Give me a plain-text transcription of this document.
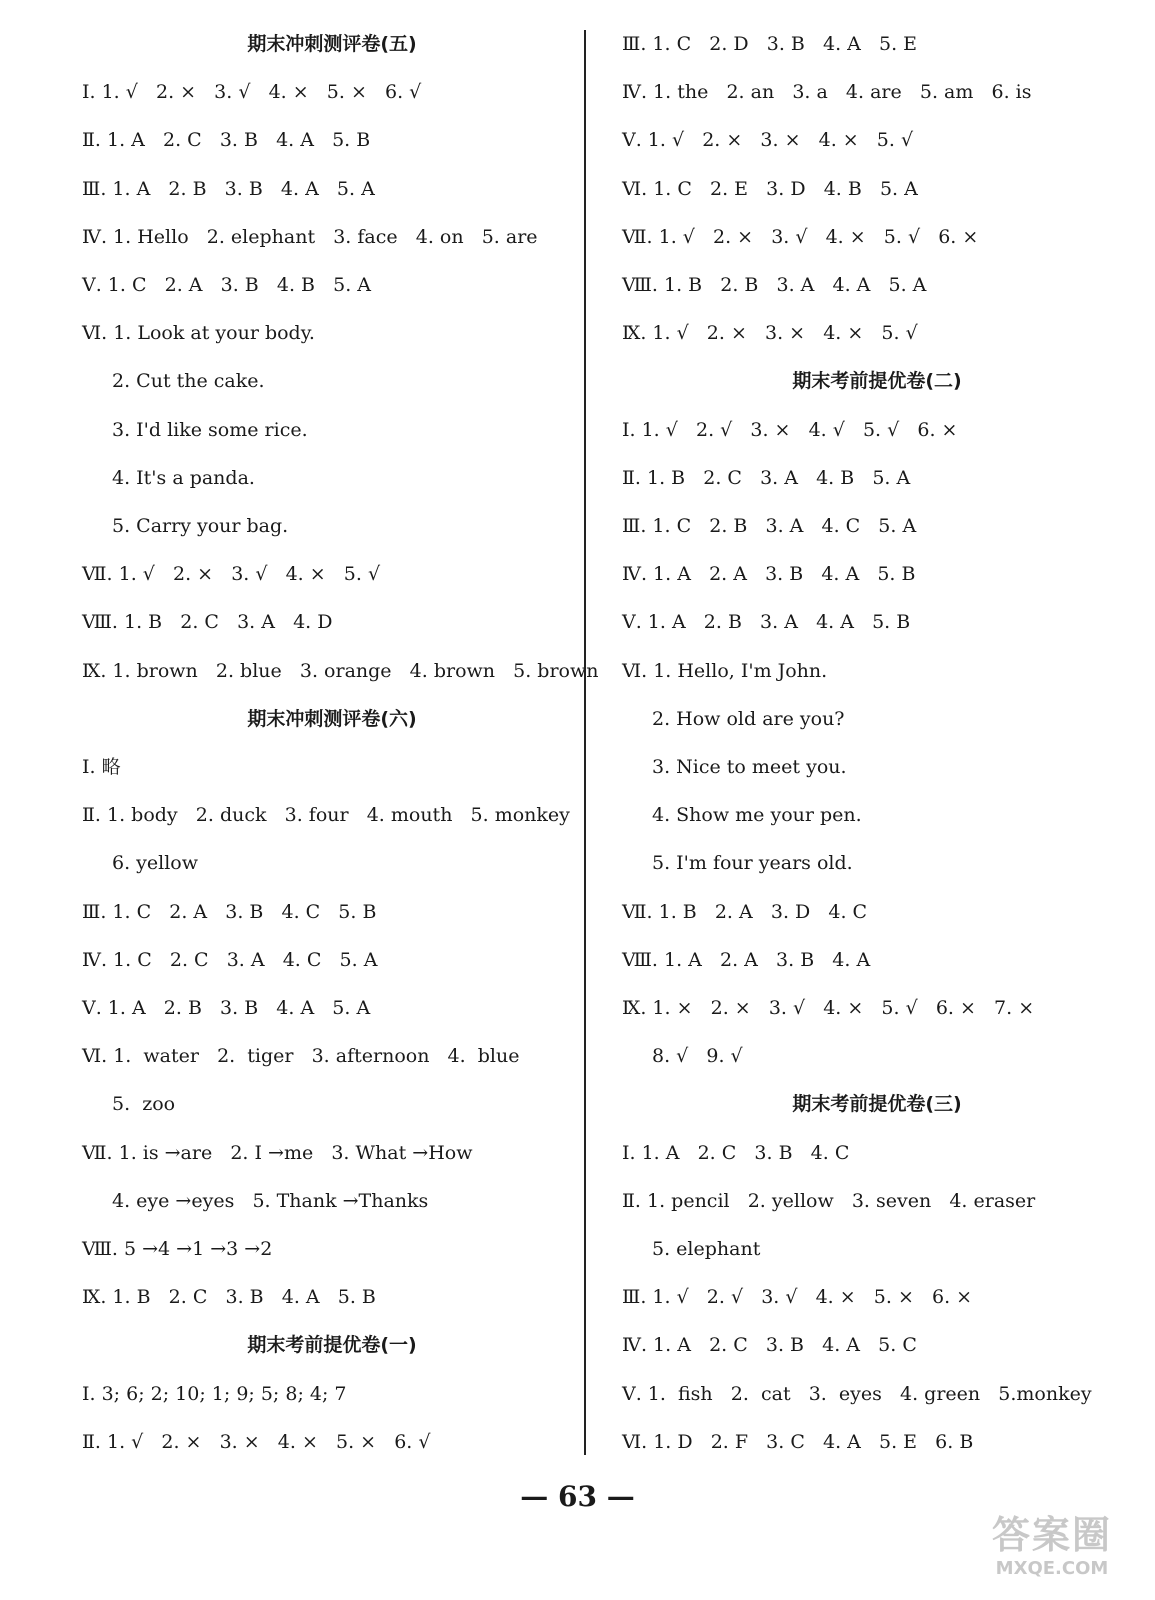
期末冲刺测评卷(五)
Ⅰ. 1. √   2. ×   3. √   4. ×   5. ×   6. √
Ⅱ. 1. A   2. C   3. B   4. A   5. B
Ⅲ. 1. A   2. B   3. B   4. A   5. A
Ⅳ. 1. Hello   2. elephant   3. face   4. on   5. are
Ⅴ. 1. C   2. A   3. B   4. B   5. A
Ⅵ. 1. Look at your body.
2. Cut the cake.
3. I'd like some rice.
4. It's a panda.
5. Carry your bag.
Ⅶ. 1. √   2. ×   3. √   4. ×   5. √
Ⅷ. 1. B   2. C   3. A   4. D
Ⅸ. 1. brown   2. blue   3. orange   4. brown   5. brown
期末冲刺测评卷(六)
Ⅰ. 略
Ⅱ. 1. body   2. duck   3. four   4. mouth   5. monkey
6. yellow
Ⅲ. 1. C   2. A   3. B   4. C   5. B
Ⅳ. 1. C   2. C   3. A   4. C   5. A
Ⅴ. 1. A   2. B   3. B   4. A   5. A
Ⅵ. 1.  water   2.  tiger   3. afternoon   4.  blue
5.  zoo
Ⅶ. 1. is →are   2. I →me   3. What →How
4. eye →eyes   5. Thank →Thanks
Ⅷ. 5 →4 →1 →3 →2
Ⅸ. 1. B   2. C   3. B   4. A   5. B
期末考前提优卷(一)
Ⅰ. 3; 6; 2; 10; 1; 9; 5; 8; 4; 7
Ⅱ. 1. √   2. ×   3. ×   4. ×   5. ×   6. √
Ⅲ. 1. C   2. D   3. B   4. A   5. E
Ⅳ. 1. the   2. an   3. a   4. are   5. am   6. is
Ⅴ. 1. √   2. ×   3. ×   4. ×   5. √
Ⅵ. 1. C   2. E   3. D   4. B   5. A
Ⅶ. 1. √   2. ×   3. √   4. ×   5. √   6. ×
Ⅷ. 1. B   2. B   3. A   4. A   5. A
Ⅸ. 1. √   2. ×   3. ×   4. ×   5. √
期末考前提优卷(二)
Ⅰ. 1. √   2. √   3. ×   4. √   5. √   6. ×
Ⅱ. 1. B   2. C   3. A   4. B   5. A
Ⅲ. 1. C   2. B   3. A   4. C   5. A
Ⅳ. 1. A   2. A   3. B   4. A   5. B
Ⅴ. 1. A   2. B   3. A   4. A   5. B
Ⅵ. 1. Hello, I'm John.
2. How old are you?
3. Nice to meet you.
4. Show me your pen.
5. I'm four years old.
Ⅶ. 1. B   2. A   3. D   4. C
Ⅷ. 1. A   2. A   3. B   4. A
Ⅸ. 1. ×   2. ×   3. √   4. ×   5. √   6. ×   7. ×
8. √   9. √
期末考前提优卷(三)
Ⅰ. 1. A   2. C   3. B   4. C
Ⅱ. 1. pencil   2. yellow   3. seven   4. eraser
5. elephant
Ⅲ. 1. √   2. √   3. √   4. ×   5. ×   6. ×
Ⅳ. 1. A   2. C   3. B   4. A   5. C
Ⅴ. 1.  fish   2.  cat   3.  eyes   4. green   5.monkey
Ⅵ. 1. D   2. F   3. C   4. A   5. E   6. B
— 63 —
答案圈
MXQE.COM
